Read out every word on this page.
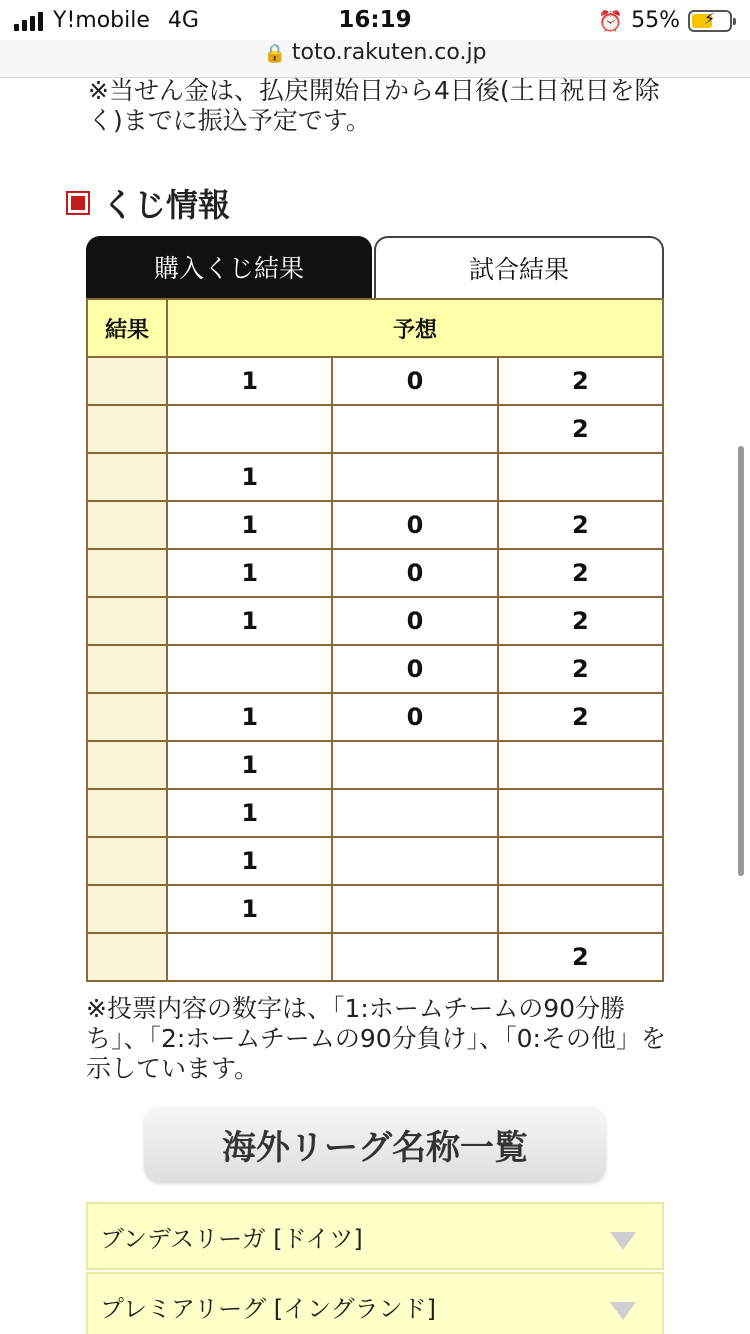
Y!mobile 4G	16:19	⏰ 55% ⚡
🔒 toto.rakuten.co.jp
※当せん金は、払戻開始日から4日後(土日祝日を除く)までに振込予定です。
くじ情報
購入くじ結果	試合結果
結果	予想		
	1	0	2
			2
	1		
	1	0	2
	1	0	2
	1	0	2
		0	2
	1	0	2
	1		
	1		
	1		
	1		
			2
※投票内容の数字は、「1:ホームチームの90分勝ち」、「2:ホームチームの90分負け」、「0:その他」を示しています。
海外リーグ名称一覧
ブンデスリーガ [ドイツ]
プレミアリーグ [イングランド]
